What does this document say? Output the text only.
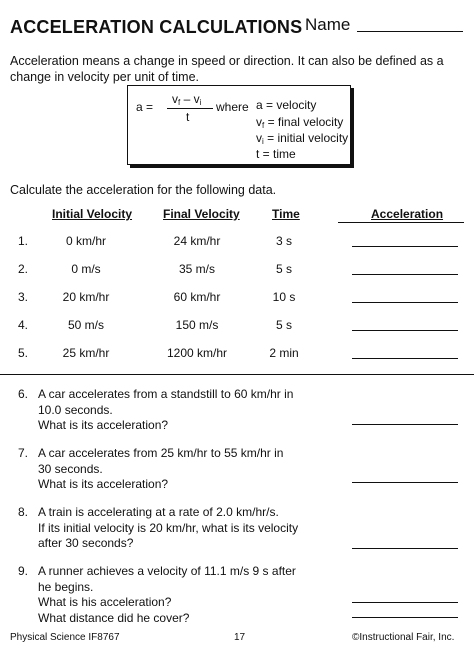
ACCELERATION CALCULATIONS Name
Acceleration means a change in speed or direction. It can also be defined as a change in velocity per unit of time.
a =
$v_f - v_i$
t
where a = velocity
$v_f$ = final velocity
$v_i$ = initial velocity
t = time
Calculate the acceleration for the following data.
Initial Velocity	Final Velocity	Time	Acceleration
1.	0 km/hr	24 km/hr	3 s
2.	0 m/s	35 m/s	5 s
3.	20 km/hr	60 km/hr	10 s
4.	50 m/s	150 m/s	5 s
5.	25 km/hr	1200 km/hr	2 min
6. A car accelerates from a standstill to 60 km/hr in
10.0 seconds.
What is its acceleration?
7. A car accelerates from 25 km/hr to 55 km/hr in
30 seconds.
What is its acceleration?
8. A train is accelerating at a rate of 2.0 km/hr/s.
If its initial velocity is 20 km/hr, what is its velocity
after 30 seconds?
9. A runner achieves a velocity of 11.1 m/s 9 s after
he begins.
What is his acceleration?
What distance did he cover?
Physical Science IF8767	17	©Instructional Fair, Inc.
